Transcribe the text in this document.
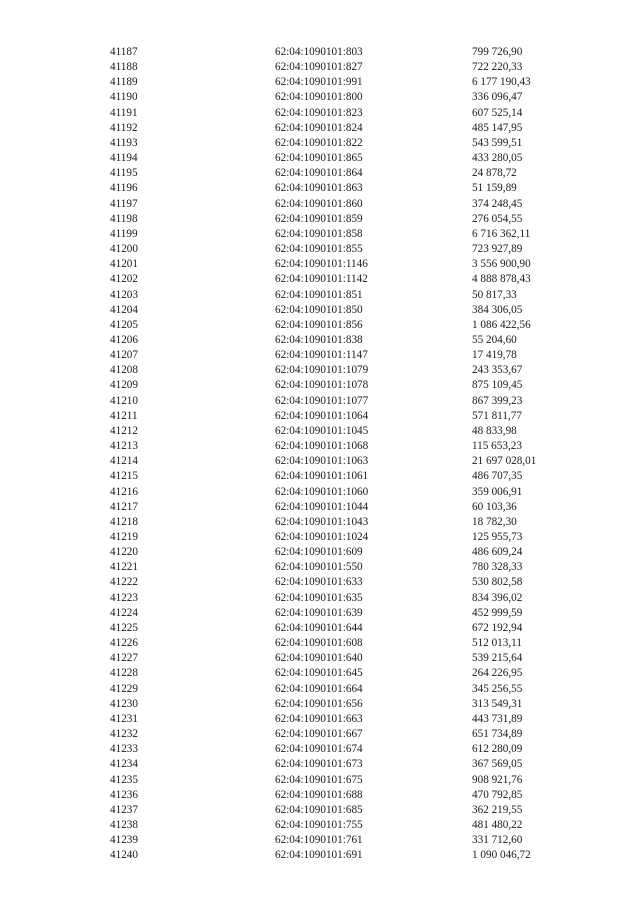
41187	62:04:1090101:803	799 726,90
41188	62:04:1090101:827	722 220,33
41189	62:04:1090101:991	6 177 190,43
41190	62:04:1090101:800	336 096,47
41191	62:04:1090101:823	607 525,14
41192	62:04:1090101:824	485 147,95
41193	62:04:1090101:822	543 599,51
41194	62:04:1090101:865	433 280,05
41195	62:04:1090101:864	24 878,72
41196	62:04:1090101:863	51 159,89
41197	62:04:1090101:860	374 248,45
41198	62:04:1090101:859	276 054,55
41199	62:04:1090101:858	6 716 362,11
41200	62:04:1090101:855	723 927,89
41201	62:04:1090101:1146	3 556 900,90
41202	62:04:1090101:1142	4 888 878,43
41203	62:04:1090101:851	50 817,33
41204	62:04:1090101:850	384 306,05
41205	62:04:1090101:856	1 086 422,56
41206	62:04:1090101:838	55 204,60
41207	62:04:1090101:1147	17 419,78
41208	62:04:1090101:1079	243 353,67
41209	62:04:1090101:1078	875 109,45
41210	62:04:1090101:1077	867 399,23
41211	62:04:1090101:1064	571 811,77
41212	62:04:1090101:1045	48 833,98
41213	62:04:1090101:1068	115 653,23
41214	62:04:1090101:1063	21 697 028,01
41215	62:04:1090101:1061	486 707,35
41216	62:04:1090101:1060	359 006,91
41217	62:04:1090101:1044	60 103,36
41218	62:04:1090101:1043	18 782,30
41219	62:04:1090101:1024	125 955,73
41220	62:04:1090101:609	486 609,24
41221	62:04:1090101:550	780 328,33
41222	62:04:1090101:633	530 802,58
41223	62:04:1090101:635	834 396,02
41224	62:04:1090101:639	452 999,59
41225	62:04:1090101:644	672 192,94
41226	62:04:1090101:608	512 013,11
41227	62:04:1090101:640	539 215,64
41228	62:04:1090101:645	264 226,95
41229	62:04:1090101:664	345 256,55
41230	62:04:1090101:656	313 549,31
41231	62:04:1090101:663	443 731,89
41232	62:04:1090101:667	651 734,89
41233	62:04:1090101:674	612 280,09
41234	62:04:1090101:673	367 569,05
41235	62:04:1090101:675	908 921,76
41236	62:04:1090101:688	470 792,85
41237	62:04:1090101:685	362 219,55
41238	62:04:1090101:755	481 480,22
41239	62:04:1090101:761	331 712,60
41240	62:04:1090101:691	1 090 046,72
